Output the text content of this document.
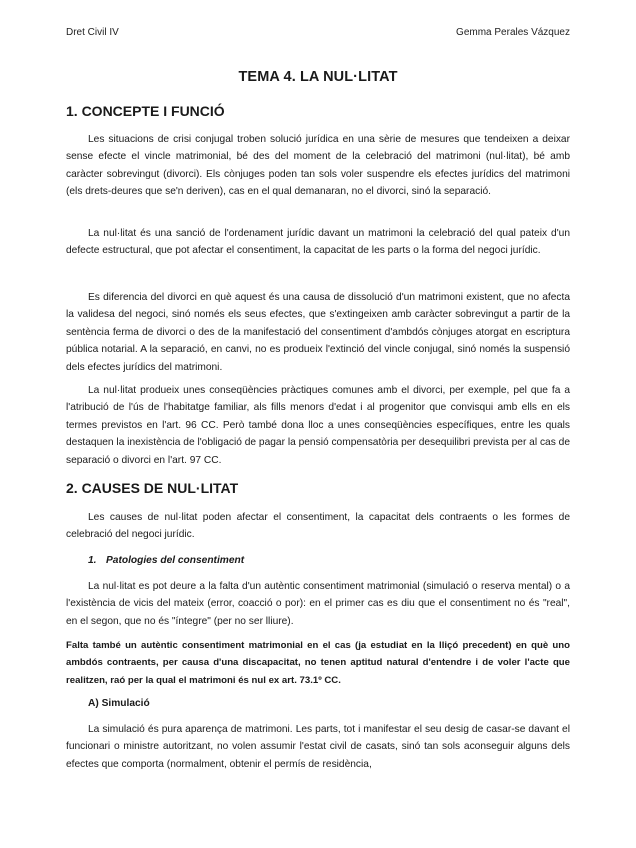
Dret Civil IV	Gemma Perales Vázquez
TEMA 4. LA NUL·LITAT
1. CONCEPTE I FUNCIÓ

Les situacions de crisi conjugal troben solució jurídica en una sèrie de mesures que tendeixen a deixar sense efecte el vincle matrimonial, bé des del moment de la celebració del matrimoni (nul·litat), bé amb caràcter sobrevingut (divorci). Els cònjuges poden tan sols voler suspendre els efectes jurídics del matrimoni (els drets-deures que se'n deriven), cas en el qual demanaran, no el divorci, sinó la separació.

La nul·litat és una sanció de l'ordenament jurídic davant un matrimoni la celebració del qual pateix d'un defecte estructural, que pot afectar el consentiment, la capacitat de les parts o la forma del negoci jurídic.

Es diferencia del divorci en què aquest és una causa de dissolució d'un matrimoni existent, que no afecta la validesa del negoci, sinó només els seus efectes, que s'extingeixen amb caràcter sobrevingut a partir de la sentència ferma de divorci o des de la manifestació del consentiment d'ambdós cònjuges atorgat en escriptura pública notarial. A la separació, en canvi, no es produeix l'extinció del vincle conjugal, sinó només la suspensió dels efectes jurídics del matrimoni.

La nul·litat produeix unes conseqüències pràctiques comunes amb el divorci, per exemple, pel que fa a l'atribució de l'ús de l'habitatge familiar, als fills menors d'edat i al progenitor que convisqui amb ells en els termes previstos en l'art. 96 CC. Però també dona lloc a unes conseqüències específiques, entre les quals destaquen la inexistència de l'obligació de pagar la pensió compensatòria per desequilibri prevista per al cas de separació o divorci en l'art. 97 CC.

2. CAUSES DE NUL·LITAT

Les causes de nul·litat poden afectar el consentiment, la capacitat dels contraents o les formes de celebració del negoci jurídic.

1. Patologies del consentiment

La nul·litat es pot deure a la falta d'un autèntic consentiment matrimonial (simulació o reserva mental) o a l'existència de vicis del mateix (error, coacció o por): en el primer cas es diu que el consentiment no és "real", en el segon, que no és "íntegre" (per no ser lliure).

Falta també un autèntic consentiment matrimonial en el cas (ja estudiat en la lliçó precedent) en què uno ambdós contraents, per causa d'una discapacitat, no tenen aptitud natural d'entendre i de voler l'acte que realitzen, raó per la qual el matrimoni és nul ex art. 73.1º CC.

A) Simulació

La simulació és pura aparença de matrimoni. Les parts, tot i manifestar el seu desig de casar-se davant el funcionari o ministre autoritzant, no volen assumir l'estat civil de casats, sinó tan sols aconseguir alguns dels efectes que comporta (normalment, obtenir el permís de residència,
